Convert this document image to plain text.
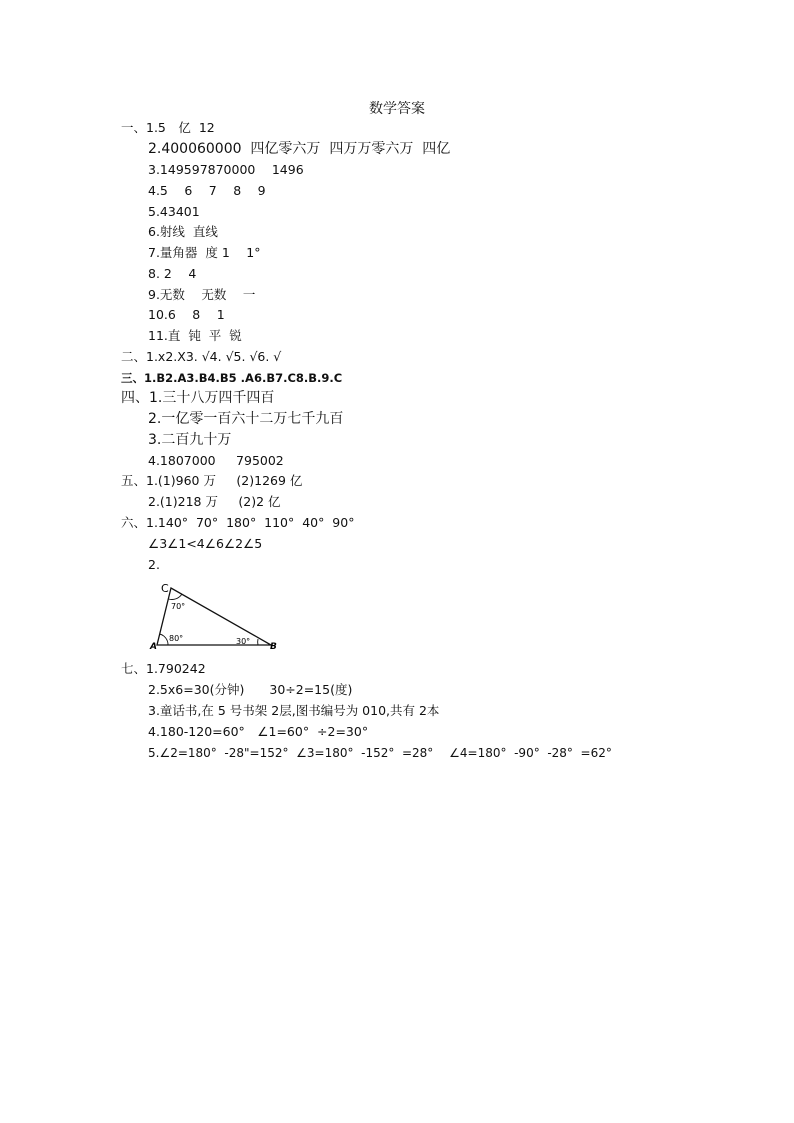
数学答案
一、1.5　亿  12
2.400060000  四亿零六万  四万万零六万  四亿
3.149597870000　 1496
4.5　 6　 7　 8　 9
5.43401
6.射线  直线
7.量角器  度 1　 1°
8. 2　 4
9.无数　 无数　 一
10.6　 8　 1
11.直  钝  平  锐
二、1.x2.X3. √4. √5. √6. √
三、1.B2.A3.B4.B5 .A6.B7.C8.B.9.C
四、1.三十八万四千四百
2.一亿零一百六十二万七千九百
3.二百九十万
4.1807000　  795002
五、1.(1)960 万　  (2)1269 亿
2.(1)218 万　  (2)2 亿
六、1.140°  70°  180°  110°  40°  90°
∠3∠1<4∠6∠2∠5
2.
C
A	B
70°
80°	30°
七、1.790242
2.5x6=30(分钟)　　30÷2=15(度)
3.童话书,在 5 号书架 2层,图书编号为 010,共有 2本
4.180-120=60°　∠1=60°  ÷2=30°
5.∠2=180°  -28"=152°  ∠3=180°  -152°  =28°　 ∠4=180°  -90°  -28°  =62°
